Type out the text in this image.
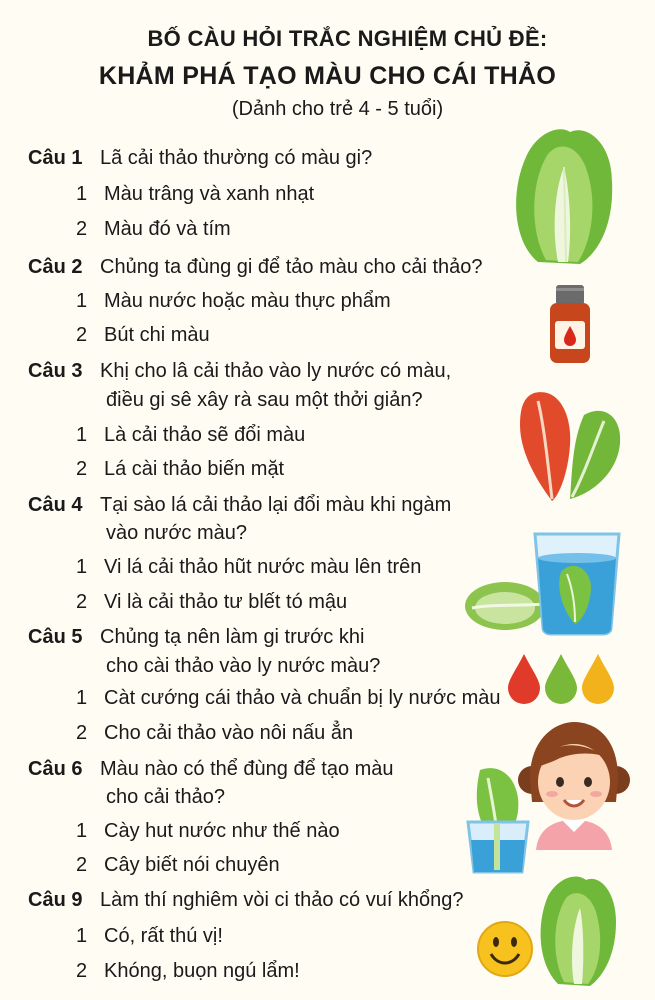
BỐ CÀU HỎI TRẮC NGHIỆM CHỦ ĐỀ:
KHẢM PHÁ TẠO MÀU CHO CÁI THẢO
(Dảnh cho trẻ 4 - 5 tuổi)
Câu 1 Lã cải thảo thường có màu gi?
1 Màu trâng và xanh nhạt
2 Màu đó và tím
Câu 2 Chủng ta đùng gi để tảo màu cho cải thảo?
1 Màu nước hoặc màu thực phẩm
2 Bút chi màu
Câu 3 Khị cho lâ cải thảo vào ly nước có màu,
điều gi sê xây rà sau một thởi giản?
1 Là cải thảo sẽ đổi màu
2 Lá cài thảo biến mặt
Câu 4 Tại sào lá cải thảo lại đổi màu khi ngàm
vào nước màu?
1 Vi lá cải thảo hũt nước màu lên trên
2 Vi là cải thảo tư blết tó mậu
Câu 5 Chủng tạ nên làm gi trước khi
cho cài thảo vào ly nước màu?
1 Càt cướng cái thảo và chuẩn bị ly nước màu
2 Cho cải thảo vào nôi nấu ẳn
Câu 6 Màu nào có thể đùng để tạo màu
cho cải thảo?
1 Cày hut nước như thế nào
2 Cây biết nói chuyên
Câu 9 Làm thí nghiêm vòi ci thảo có vuí khổng?
1 Có, rất thú vị!
2 Khóng, buọn ngú lẩm!
